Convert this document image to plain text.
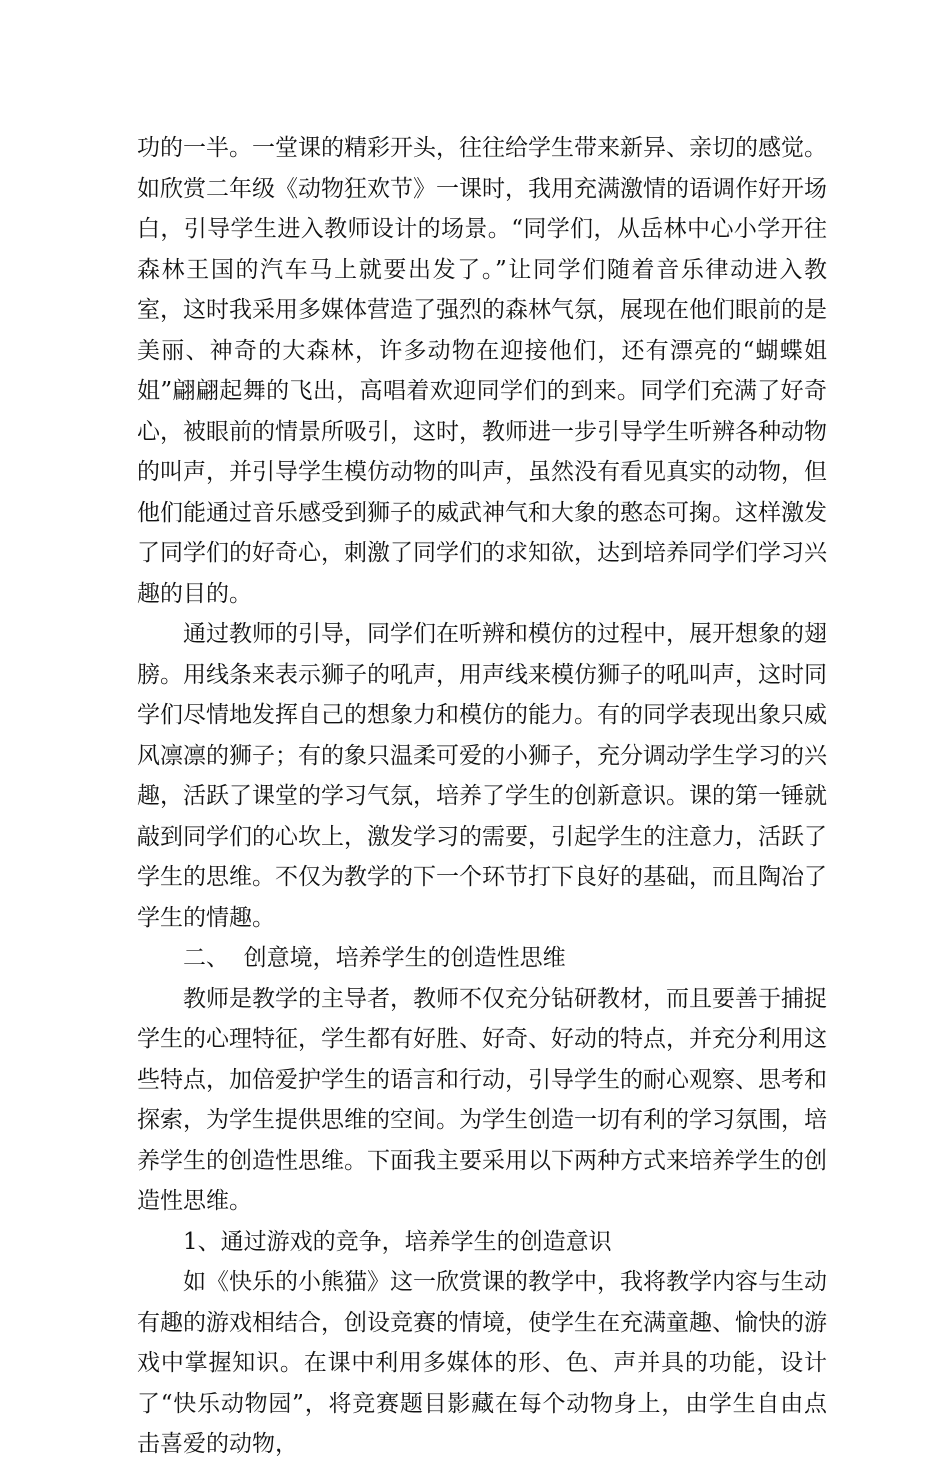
功的一半。一堂课的精彩开头，往往给学生带来新异、亲切的感觉。如欣赏二年级《动物狂欢节》一课时，我用充满激情的语调作好开场白，引导学生进入教师设计的场景。“同学们，从岳林中心小学开往森林王国的汽车马上就要出发了。”让同学们随着音乐律动进入教室，这时我采用多媒体营造了强烈的森林气氛，展现在他们眼前的是美丽、神奇的大森林，许多动物在迎接他们，还有漂亮的“蝴蝶姐姐”翩翩起舞的飞出，高唱着欢迎同学们的到来。同学们充满了好奇心，被眼前的情景所吸引，这时，教师进一步引导学生听辨各种动物的叫声，并引导学生模仿动物的叫声，虽然没有看见真实的动物，但他们能通过音乐感受到狮子的威武神气和大象的憨态可掬。这样激发了同学们的好奇心，刺激了同学们的求知欲，达到培养同学们学习兴趣的目的。

通过教师的引导，同学们在听辨和模仿的过程中，展开想象的翅膀。用线条来表示狮子的吼声，用声线来模仿狮子的吼叫声，这时同学们尽情地发挥自己的想象力和模仿的能力。有的同学表现出象只威风凛凛的狮子；有的象只温柔可爱的小狮子，充分调动学生学习的兴趣，活跃了课堂的学习气氛，培养了学生的创新意识。课的第一锤就敲到同学们的心坎上，激发学习的需要，引起学生的注意力，活跃了学生的思维。不仅为教学的下一个环节打下良好的基础，而且陶冶了学生的情趣。

二、  创意境，培养学生的创造性思维

教师是教学的主导者，教师不仅充分钻研教材，而且要善于捕捉学生的心理特征，学生都有好胜、好奇、好动的特点，并充分利用这些特点，加倍爱护学生的语言和行动，引导学生的耐心观察、思考和探索，为学生提供思维的空间。为学生创造一切有利的学习氛围，培养学生的创造性思维。下面我主要采用以下两种方式来培养学生的创造性思维。

1、通过游戏的竞争，培养学生的创造意识

如《快乐的小熊猫》这一欣赏课的教学中，我将教学内容与生动有趣的游戏相结合，创设竞赛的情境，使学生在充满童趣、愉快的游戏中掌握知识。在课中利用多媒体的形、色、声并具的功能，设计了“快乐动物园”，将竞赛题目影藏在每个动物身上，由学生自由点击喜爱的动物，
